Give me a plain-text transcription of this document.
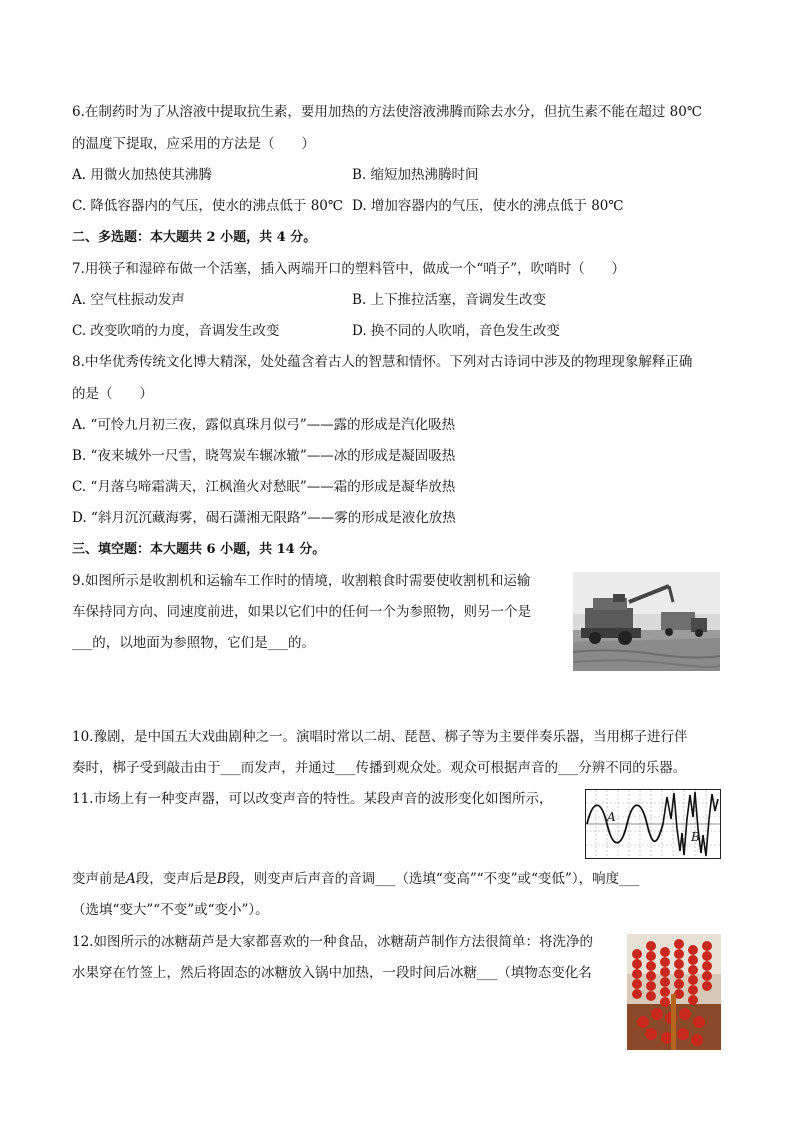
6.在制药时为了从溶液中提取抗生素，要用加热的方法使溶液沸腾而除去水分，但抗生素不能在超过 80℃
的温度下提取，应采用的方法是（　　）
A. 用微火加热使其沸腾	B. 缩短加热沸腾时间
C. 降低容器内的气压，使水的沸点低于 80℃ D. 增加容器内的气压，使水的沸点低于 80℃
二、多选题：本大题共 2 小题，共 4 分。
7.用筷子和湿碎布做一个活塞，插入两端开口的塑料管中，做成一个“哨子”，吹哨时（　　）
A. 空气柱振动发声	B. 上下推拉活塞，音调发生改变
C. 改变吹哨的力度，音调发生改变	D. 换不同的人吹哨，音色发生改变
8.中华优秀传统文化博大精深，处处蕴含着古人的智慧和情怀。下列对古诗词中涉及的物理现象解释正确
的是（　　）
A. “可怜九月初三夜，露似真珠月似弓”——露的形成是汽化吸热
B. “夜来城外一尺雪，晓驾炭车辗冰辙”——冰的形成是凝固吸热
C. “月落乌啼霜满天，江枫渔火对愁眠”——霜的形成是凝华放热
D. “斜月沉沉藏海雾，碣石潇湘无限路”——雾的形成是液化放热
三、填空题：本大题共 6 小题，共 14 分。
9.如图所示是收割机和运输车工作时的情境，收割粮食时需要使收割机和运输
车保持同方向、同速度前进，如果以它们中的任何一个为参照物，则另一个是
___的，以地面为参照物，它们是___的。
10.豫剧，是中国五大戏曲剧种之一。演唱时常以二胡、琵琶、梆子等为主要伴奏乐器，当用梆子进行伴
奏时，梆子受到敲击由于___而发声，并通过___传播到观众处。观众可根据声音的___分辨不同的乐器。
11.市场上有一种变声器，可以改变声音的特性。某段声音的波形变化如图所示，
变声前是A段，变声后是B段，则变声后声音的音调___（选填“变高”“不变”或“变低”），响度___
（选填“变大”“不变”或“变小”）。
A
B
12.如图所示的冰糖葫芦是大家都喜欢的一种食品，冰糖葫芦制作方法很简单：将洗净的
水果穿在竹签上，然后将固态的冰糖放入锅中加热，一段时间后冰糖___（填物态变化名
